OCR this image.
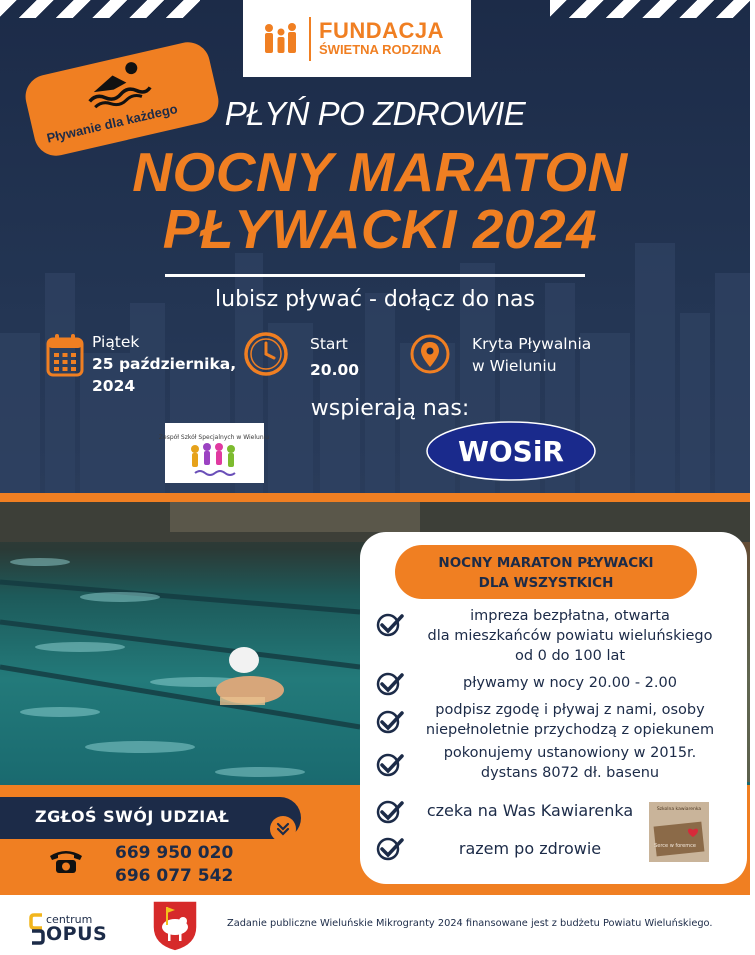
FUNDACJA
ŚWIETNA RODZINA
Pływanie dla każdego	PŁYŃ PO ZDROWIE
NOCNY MARATON
PŁYWACKI 2024
lubisz pływać - dołącz do nas
Piątek
25 października,
2024
Start
20.00
Kryta Pływalnia
w Wieluniu
wspierają nas:
Zespół Szkół Specjalnych w Wieluniu	WOSiR
NOCNY MARATON PŁYWACKI
DLA WSZYSTKICH
impreza bezpłatna, otwarta
dla mieszkańców powiatu wieluńskiego
od 0 do 100 lat
pływamy w nocy 20.00 - 2.00
podpisz zgodę i pływaj z nami, osoby
niepełnoletnie przychodzą z opiekunem
pokonujemy ustanowiony w 2015r.
dystans 8072 dł. basenu
czeka na Was Kawiarenka
razem po zdrowie
Szkolna kawiarenka
Serce w foremce
ZGŁOŚ SWÓJ UDZIAŁ
669 950 020
696 077 542
centrum
OPUS	Zadanie publiczne Wieluńskie Mikrogranty 2024 finansowane jest z budżetu Powiatu Wieluńskiego.
